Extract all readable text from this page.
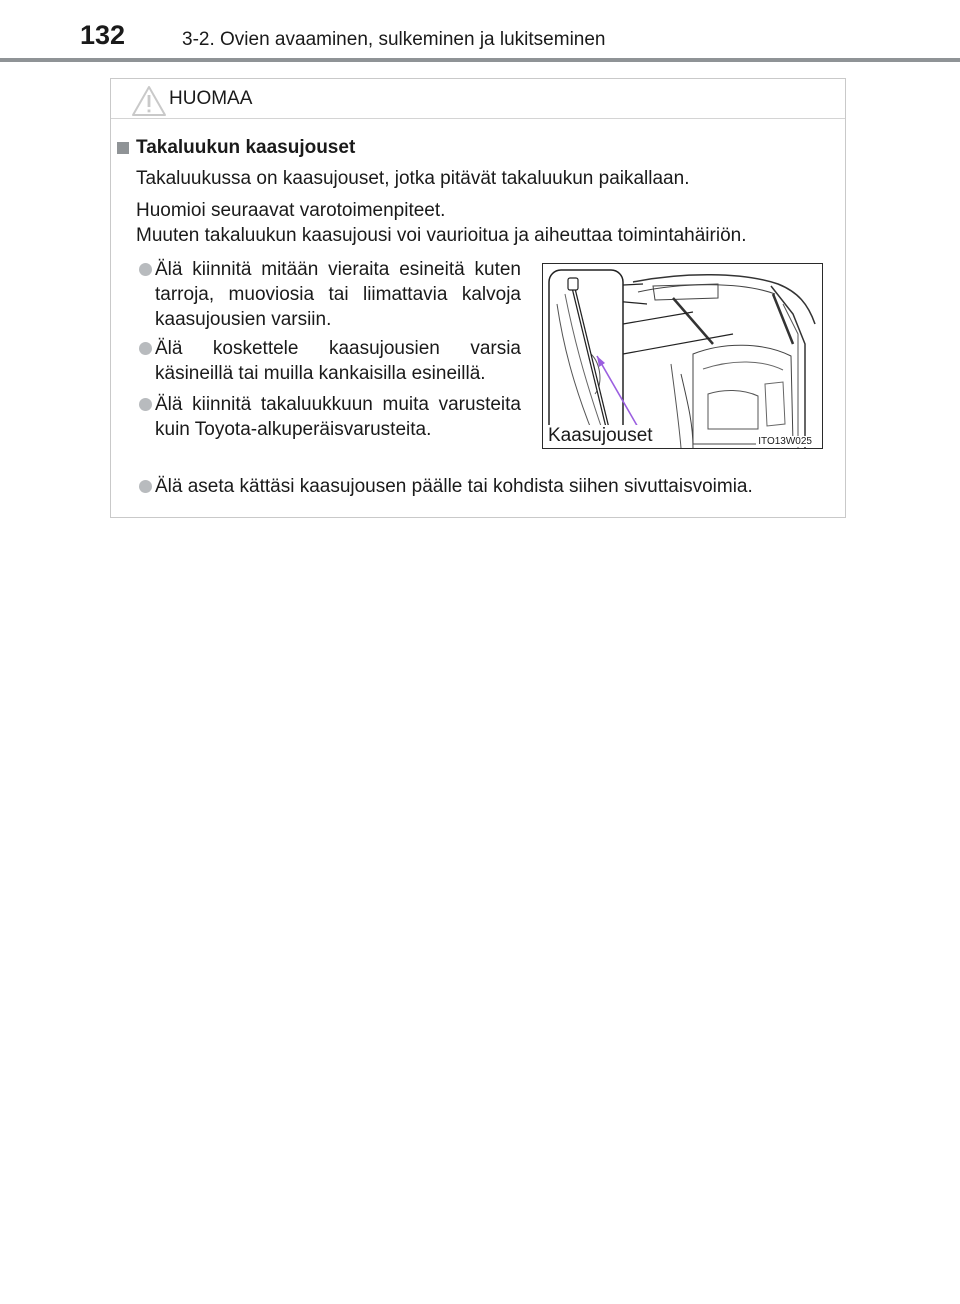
132	3-2. Ovien avaaminen, sulkeminen ja lukitseminen
HUOMAA
Takaluukun kaasujouset
Takaluukussa on kaasujouset, jotka pitävät takaluukun paikallaan.
Huomioi seuraavat varotoimenpiteet.
Muuten takaluukun kaasujousi voi vaurioitua ja aiheuttaa toimintahäiriön.
Älä kiinnitä mitään vieraita esineitä kuten tarroja, muoviosia tai liimattavia kalvoja kaasujousien varsiin.
Älä koskettele kaasujousien varsia käsineillä tai muilla kankaisilla esineillä.
Älä kiinnitä takaluukkuun muita varusteita kuin Toyota-alkuperäisvarusteita.	Kaasujouset	ITO13W025
Älä aseta kättäsi kaasujousen päälle tai kohdista siihen sivuttaisvoimia.
